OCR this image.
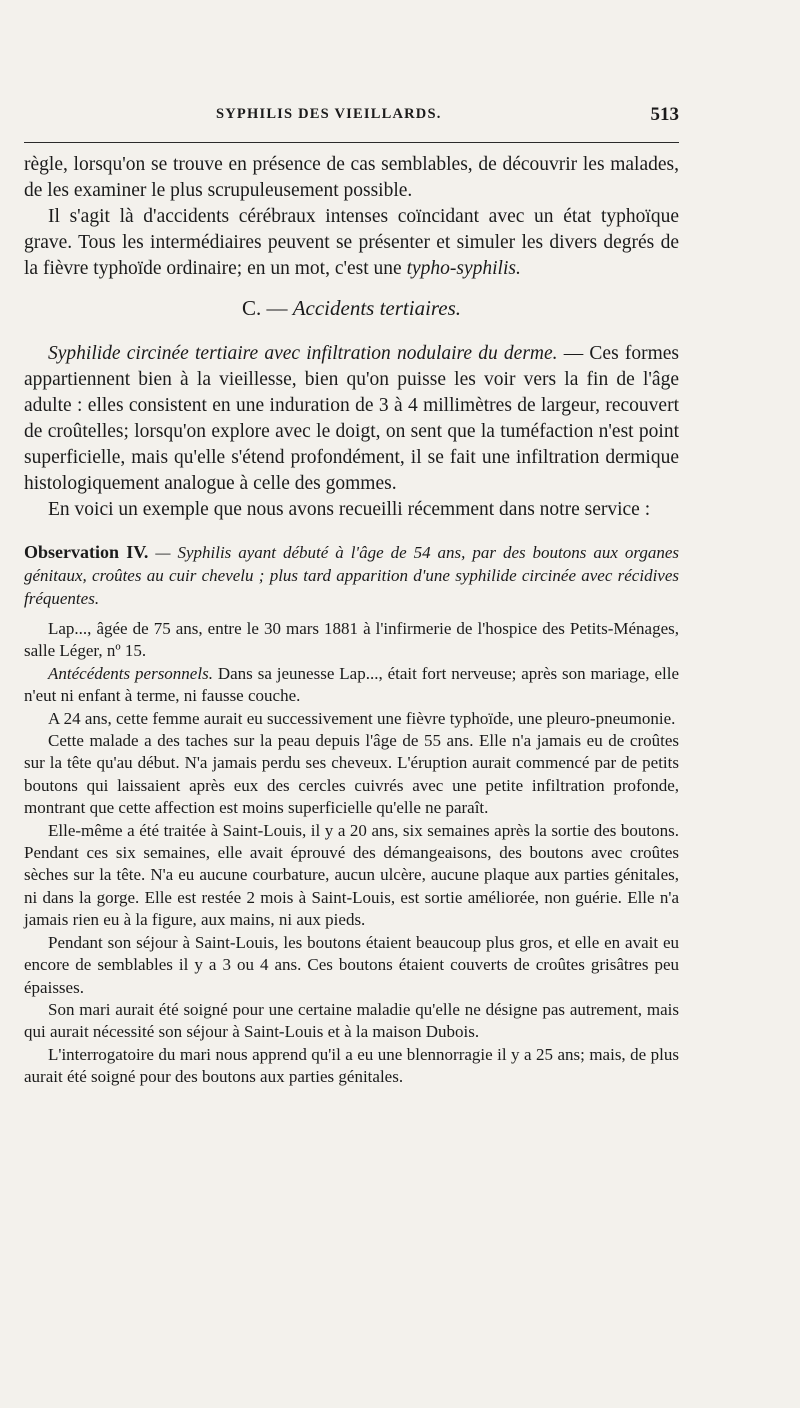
SYPHILIS DES VIEILLARDS.	513

règle, lorsqu'on se trouve en présence de cas semblables, de découvrir les malades, de les examiner le plus scrupuleusement possible.

Il s'agit là d'accidents cérébraux intenses coïncidant avec un état typhoïque grave. Tous les intermédiaires peuvent se présenter et simuler les divers degrés de la fièvre typhoïde ordinaire; en un mot, c'est une typho-syphilis.

C. — Accidents tertiaires.

Syphilide circinée tertiaire avec infiltration nodulaire du derme. — Ces formes appartiennent bien à la vieillesse, bien qu'on puisse les voir vers la fin de l'âge adulte : elles consistent en une induration de 3 à 4 millimètres de largeur, recouvert de croûtelles; lorsqu'on explore avec le doigt, on sent que la tuméfaction n'est point superficielle, mais qu'elle s'étend profondément, il se fait une infiltration dermique histologiquement analogue à celle des gommes.

En voici un exemple que nous avons recueilli récemment dans notre service :

Observation IV. — Syphilis ayant débuté à l'âge de 54 ans, par des boutons aux organes génitaux, croûtes au cuir chevelu ; plus tard apparition d'une syphilide circinée avec récidives fréquentes.

Lap..., âgée de 75 ans, entre le 30 mars 1881 à l'infirmerie de l'hospice des Petits-Ménages, salle Léger, nº 15.

Antécédents personnels. Dans sa jeunesse Lap..., était fort nerveuse; après son mariage, elle n'eut ni enfant à terme, ni fausse couche.

A 24 ans, cette femme aurait eu successivement une fièvre typhoïde, une pleuro-pneumonie.

Cette malade a des taches sur la peau depuis l'âge de 55 ans. Elle n'a jamais eu de croûtes sur la tête qu'au début. N'a jamais perdu ses cheveux. L'éruption aurait commencé par de petits boutons qui laissaient après eux des cercles cuivrés avec une petite infiltration profonde, montrant que cette affection est moins superficielle qu'elle ne paraît.

Elle-même a été traitée à Saint-Louis, il y a 20 ans, six semaines après la sortie des boutons. Pendant ces six semaines, elle avait éprouvé des démangeaisons, des boutons avec croûtes sèches sur la tête. N'a eu aucune courbature, aucun ulcère, aucune plaque aux parties génitales, ni dans la gorge. Elle est restée 2 mois à Saint-Louis, est sortie améliorée, non guérie. Elle n'a jamais rien eu à la figure, aux mains, ni aux pieds.

Pendant son séjour à Saint-Louis, les boutons étaient beaucoup plus gros, et elle en avait eu encore de semblables il y a 3 ou 4 ans. Ces boutons étaient couverts de croûtes grisâtres peu épaisses.

Son mari aurait été soigné pour une certaine maladie qu'elle ne désigne pas autrement, mais qui aurait nécessité son séjour à Saint-Louis et à la maison Dubois.

L'interrogatoire du mari nous apprend qu'il a eu une blennorragie il y a 25 ans; mais, de plus aurait été soigné pour des boutons aux parties génitales.
